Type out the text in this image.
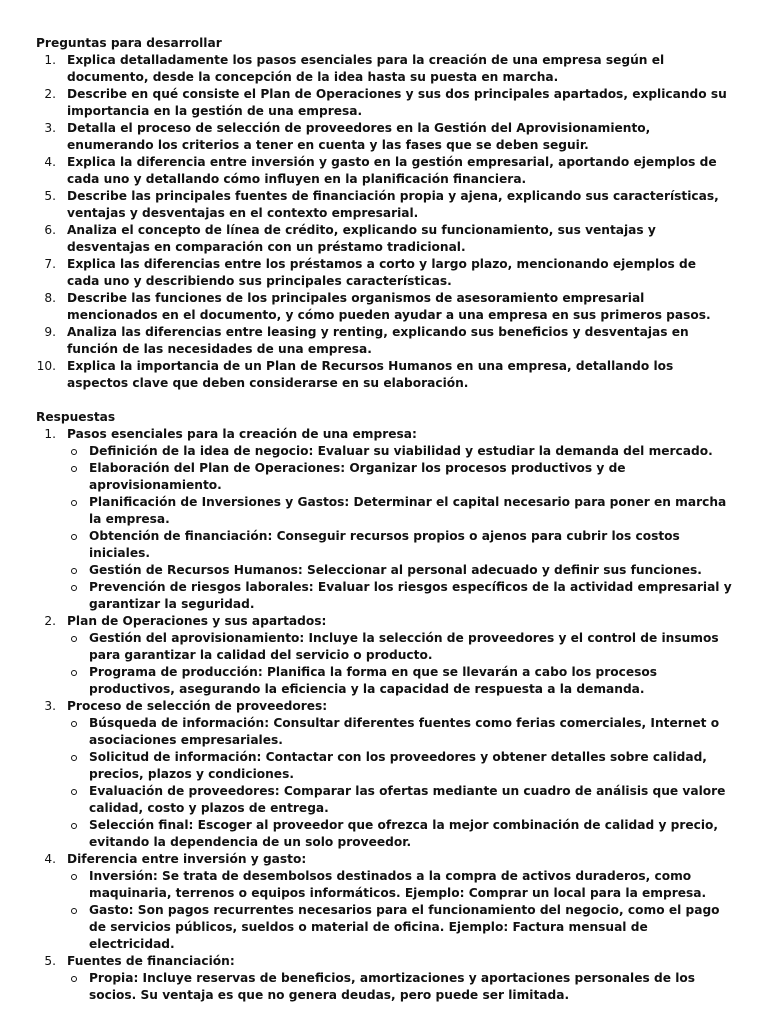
Preguntas para desarrollar

1. Explica detalladamente los pasos esenciales para la creación de una empresa según el documento, desde la concepción de la idea hasta su puesta en marcha.
2. Describe en qué consiste el Plan de Operaciones y sus dos principales apartados, explicando su importancia en la gestión de una empresa.
3. Detalla el proceso de selección de proveedores en la Gestión del Aprovisionamiento, enumerando los criterios a tener en cuenta y las fases que se deben seguir.
4. Explica la diferencia entre inversión y gasto en la gestión empresarial, aportando ejemplos de cada uno y detallando cómo influyen en la planificación financiera.
5. Describe las principales fuentes de financiación propia y ajena, explicando sus características, ventajas y desventajas en el contexto empresarial.
6. Analiza el concepto de línea de crédito, explicando su funcionamiento, sus ventajas y desventajas en comparación con un préstamo tradicional.
7. Explica las diferencias entre los préstamos a corto y largo plazo, mencionando ejemplos de cada uno y describiendo sus principales características.
8. Describe las funciones de los principales organismos de asesoramiento empresarial mencionados en el documento, y cómo pueden ayudar a una empresa en sus primeros pasos.
9. Analiza las diferencias entre leasing y renting, explicando sus beneficios y desventajas en función de las necesidades de una empresa.
10. Explica la importancia de un Plan de Recursos Humanos en una empresa, detallando los aspectos clave que deben considerarse en su elaboración.

Respuestas

1. Pasos esenciales para la creación de una empresa:
Definición de la idea de negocio: Evaluar su viabilidad y estudiar la demanda del mercado.
Elaboración del Plan de Operaciones: Organizar los procesos productivos y de aprovisionamiento.
Planificación de Inversiones y Gastos: Determinar el capital necesario para poner en marcha la empresa.
Obtención de financiación: Conseguir recursos propios o ajenos para cubrir los costos iniciales.
Gestión de Recursos Humanos: Seleccionar al personal adecuado y definir sus funciones.
Prevención de riesgos laborales: Evaluar los riesgos específicos de la actividad empresarial y garantizar la seguridad.
2. Plan de Operaciones y sus apartados:
Gestión del aprovisionamiento: Incluye la selección de proveedores y el control de insumos para garantizar la calidad del servicio o producto.
Programa de producción: Planifica la forma en que se llevarán a cabo los procesos productivos, asegurando la eficiencia y la capacidad de respuesta a la demanda.
3. Proceso de selección de proveedores:
Búsqueda de información: Consultar diferentes fuentes como ferias comerciales, Internet o asociaciones empresariales.
Solicitud de información: Contactar con los proveedores y obtener detalles sobre calidad, precios, plazos y condiciones.
Evaluación de proveedores: Comparar las ofertas mediante un cuadro de análisis que valore calidad, costo y plazos de entrega.
Selección final: Escoger al proveedor que ofrezca la mejor combinación de calidad y precio, evitando la dependencia de un solo proveedor.
4. Diferencia entre inversión y gasto:
Inversión: Se trata de desembolsos destinados a la compra de activos duraderos, como maquinaria, terrenos o equipos informáticos. Ejemplo: Comprar un local para la empresa.
Gasto: Son pagos recurrentes necesarios para el funcionamiento del negocio, como el pago de servicios públicos, sueldos o material de oficina. Ejemplo: Factura mensual de electricidad.
5. Fuentes de financiación:
Propia: Incluye reservas de beneficios, amortizaciones y aportaciones personales de los socios. Su ventaja es que no genera deudas, pero puede ser limitada.
